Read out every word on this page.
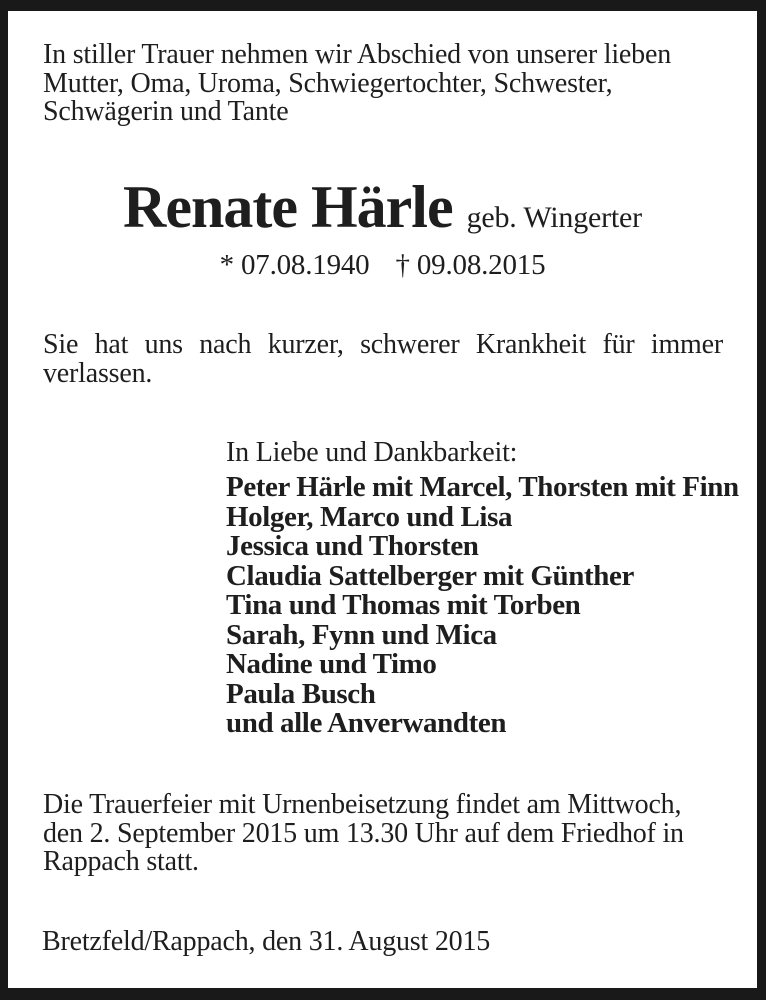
In stiller Trauer nehmen wir Abschied von unserer lieben
Mutter, Oma, Uroma, Schwiegertochter, Schwester,
Schwägerin und Tante
Renate Härle geb. Wingerter
* 07.08.1940 † 09.08.2015
Sie hat uns nach kurzer, schwerer Krankheit für immer
verlassen.
In Liebe und Dankbarkeit:
Peter Härle mit Marcel, Thorsten mit Finn
Holger, Marco und Lisa
Jessica und Thorsten
Claudia Sattelberger mit Günther
Tina und Thomas mit Torben
Sarah, Fynn und Mica
Nadine und Timo
Paula Busch
und alle Anverwandten
Die Trauerfeier mit Urnenbeisetzung findet am Mittwoch,
den 2. September 2015 um 13.30 Uhr auf dem Friedhof in
Rappach statt.
Bretzfeld/Rappach, den 31. August 2015
